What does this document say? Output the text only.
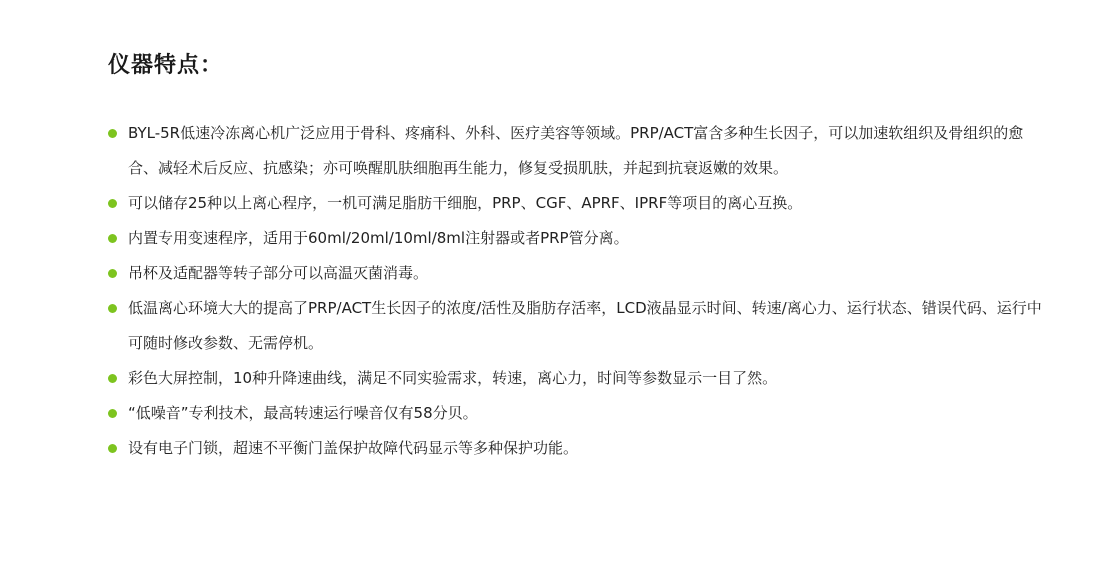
仪器特点：
BYL-5R低速冷冻离心机广泛应用于骨科、疼痛科、外科、医疗美容等领域。PRP/ACT富含多种生长因子，可以加速软组织及骨组织的愈合、减轻术后反应、抗感染；亦可唤醒肌肤细胞再生能力，修复受损肌肤，并起到抗衰返嫩的效果。
可以储存25种以上离心程序，一机可满足脂肪干细胞，PRP、CGF、APRF、IPRF等项目的离心互换。
内置专用变速程序，适用于60ml/20ml/10ml/8ml注射器或者PRP管分离。
吊杯及适配器等转子部分可以高温灭菌消毒。
低温离心环境大大的提高了PRP/ACT生长因子的浓度/活性及脂肪存活率，LCD液晶显示时间、转速/离心力、运行状态、错误代码、运行中可随时修改参数、无需停机。
彩色大屏控制，10种升降速曲线，满足不同实验需求，转速，离心力，时间等参数显示一目了然。
“低噪音”专利技术，最高转速运行噪音仅有58分贝。
设有电子门锁，超速不平衡门盖保护故障代码显示等多种保护功能。
